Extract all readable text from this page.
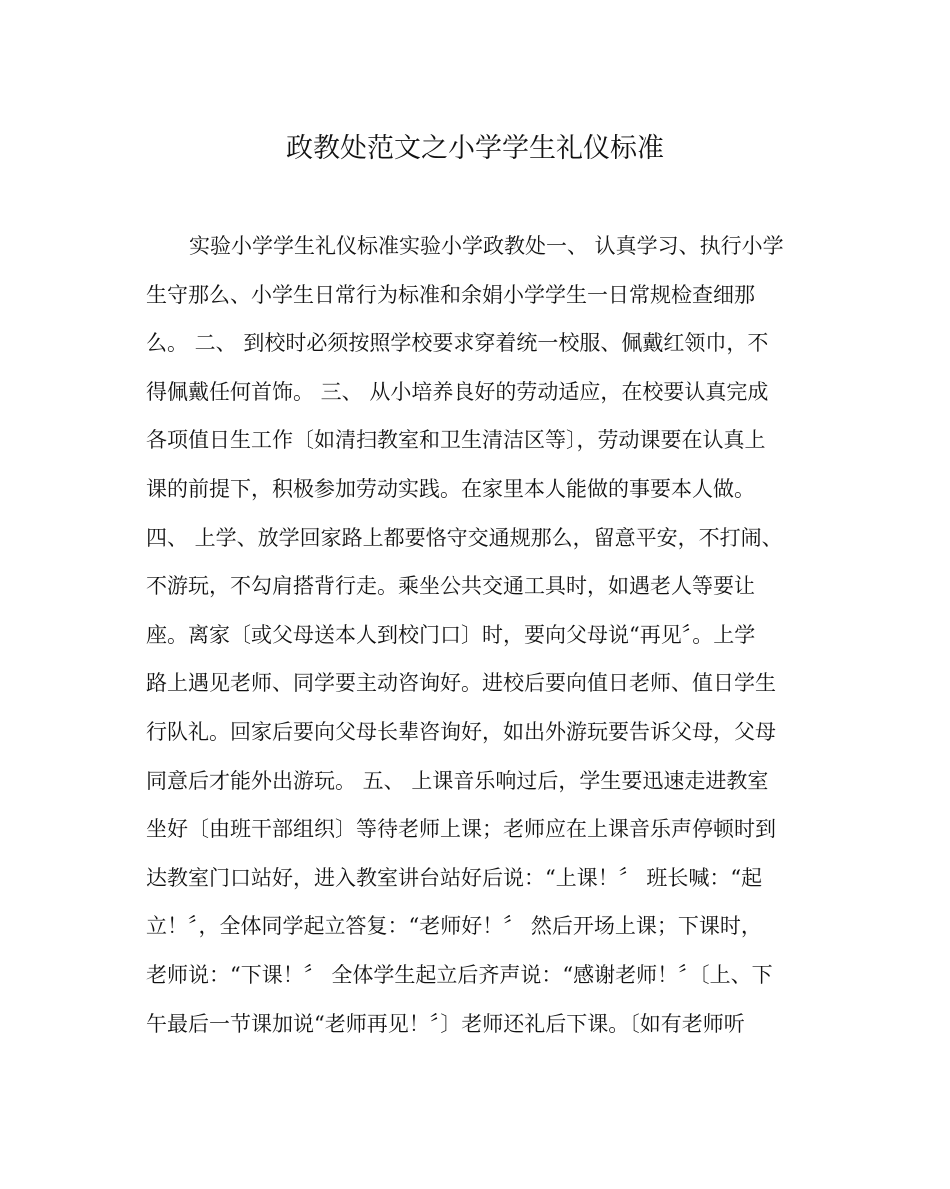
政教处范文之小学学生礼仪标准
实验小学学生礼仪标准实验小学政教处一、 认真学习、执行小学
生守那么、小学生日常行为标准和余娟小学学生一日常规检查细那
么。 二、 到校时必须按照学校要求穿着统一校服、佩戴红领巾，不
得佩戴任何首饰。 三、 从小培养良好的劳动适应，在校要认真完成
各项值日生工作〔如清扫教室和卫生清洁区等〕，劳动课要在认真上
课的前提下，积极参加劳动实践。在家里本人能做的事要本人做。
四、 上学、放学回家路上都要恪守交通规那么，留意平安，不打闹、
不游玩，不勾肩搭背行走。乘坐公共交通工具时，如遇老人等要让
座。离家〔或父母送本人到校门口〕时，要向父母说“再见〞。上学
路上遇见老师、同学要主动咨询好。进校后要向值日老师、值日学生
行队礼。回家后要向父母长辈咨询好，如出外游玩要告诉父母，父母
同意后才能外出游玩。 五、 上课音乐响过后，学生要迅速走进教室
坐好〔由班干部组织〕等待老师上课；老师应在上课音乐声停顿时到
达教室门口站好，进入教室讲台站好后说：“上课！〞 班长喊：“起
立！〞，全体同学起立答复：“老师好！〞 然后开场上课；下课时，
老师说：“下课！〞 全体学生起立后齐声说：“感谢老师！〞〔上、下
午最后一节课加说“老师再见！〞〕老师还礼后下课。〔如有老师听
